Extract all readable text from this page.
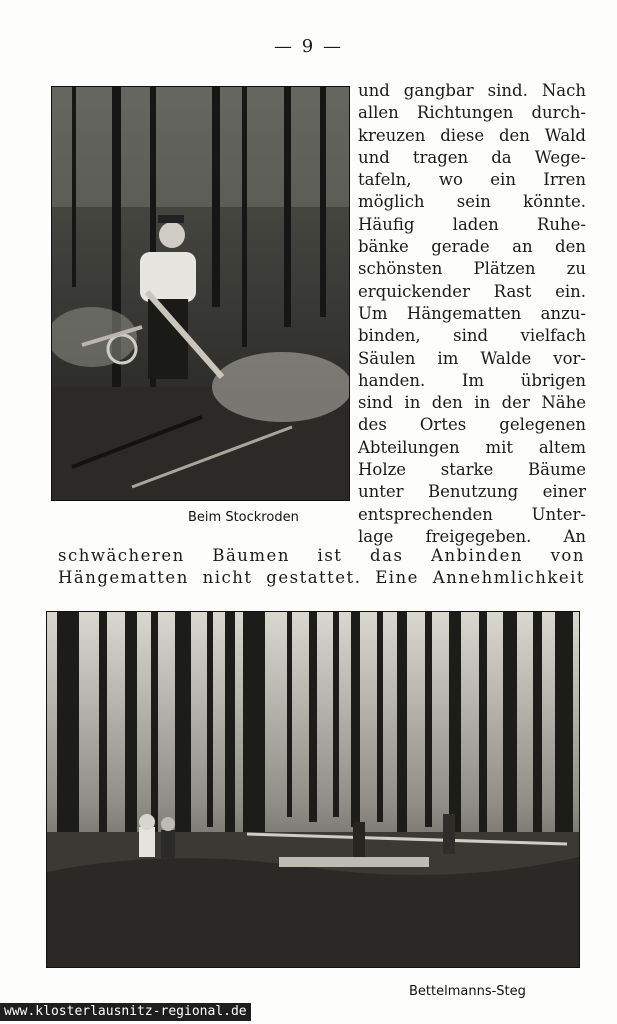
— 9 —
Beim Stockroden
und gangbar sind. Nach
allen Richtungen durch-
kreuzen diese den Wald
und tragen da Wege-
tafeln, wo ein Irren
möglich sein könnte.
Häufig laden Ruhe-
bänke gerade an den
schönsten Plätzen zu
erquickender Rast ein.
Um Hängematten anzu-
binden, sind vielfach
Säulen im Walde vor-
handen. Im übrigen
sind in den in der Nähe
des Ortes gelegenen
Abteilungen mit altem
Holze starke Bäume
unter Benutzung einer
entsprechenden Unter-
lage freigegeben. An
schwächeren Bäumen ist das Anbinden von
Hängematten nicht gestattet. Eine Annehmlichkeit
Bettelmanns-Steg
www.klosterlausnitz-regional.de
